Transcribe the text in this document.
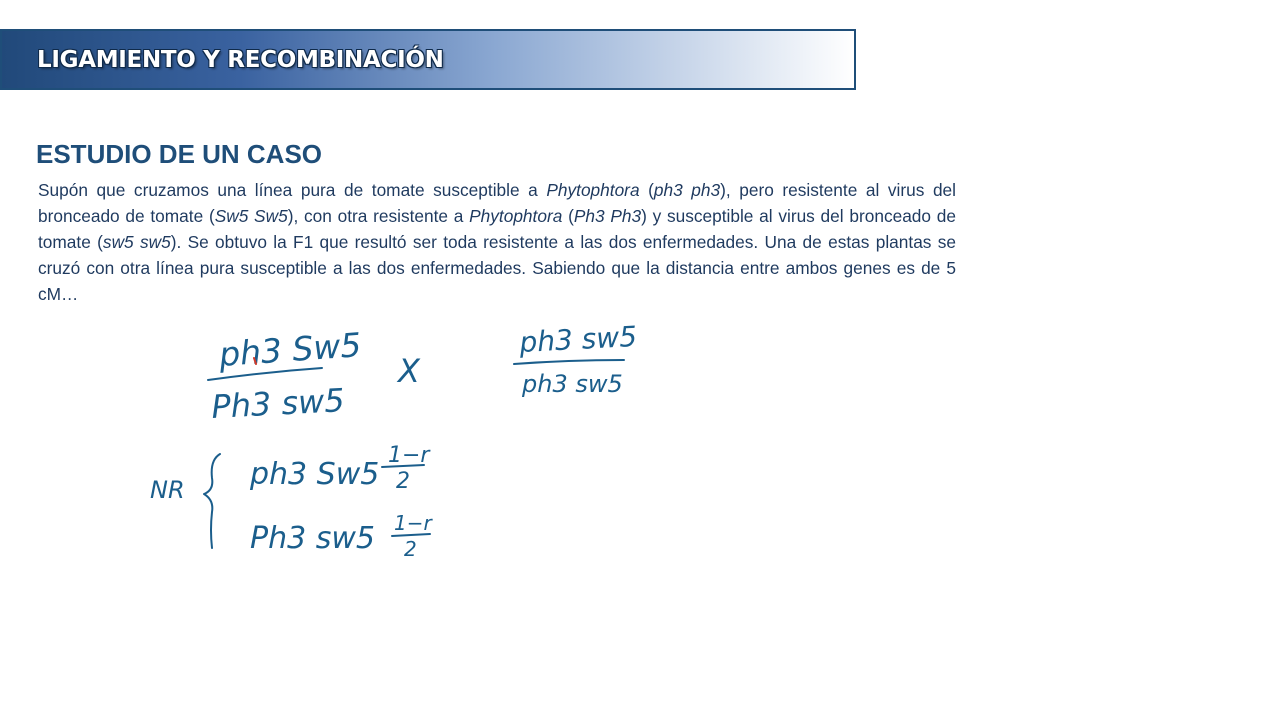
LIGAMIENTO Y RECOMBINACIÓN
ESTUDIO DE UN CASO
Supón que cruzamos una línea pura de tomate susceptible a Phytophtora (ph3 ph3), pero resistente al virus del bronceado de tomate (Sw5 Sw5), con otra resistente a Phytophtora (Ph3 Ph3) y susceptible al virus del bronceado de tomate (sw5 sw5). Se obtuvo la F1 que resultó ser toda resistente a las dos enfermedades. Una de estas plantas se cruzó con otra línea pura susceptible a las dos enfermedades. Sabiendo que la distancia entre ambos genes es de 5 cM…
ph3 Sw5
Ph3 sw5
X
ph3 sw5
ph3 sw5
NR ph3 Sw5
Ph3 sw5
1−r
2
1−r
2
